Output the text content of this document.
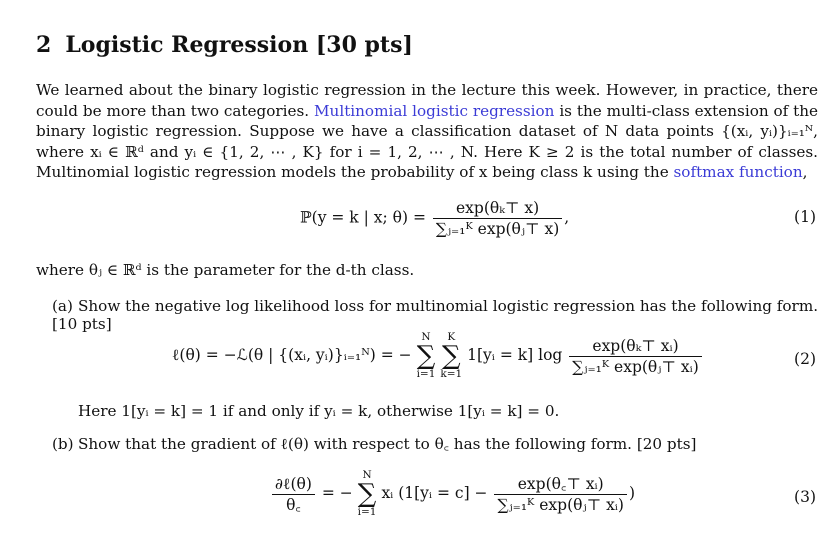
2 Logistic Regression [30 pts]
We learned about the binary logistic regression in the lecture this week. However, in practice, there could be more than two categories. Multinomial logistic regression is the multi-class extension of the binary logistic regression. Suppose we have a classification dataset of N data points {(xᵢ, yᵢ)}ᵢ₌₁ᴺ, where xᵢ ∈ ℝᵈ and yᵢ ∈ {1, 2, ⋯ , K} for i = 1, 2, ⋯ , N. Here K ≥ 2 is the total number of classes. Multinomial logistic regression models the probability of x being class k using the softmax function,
ℙ(y = k | x; $\theta) = \frac{\text{exp(θₖ⊤ x)}}{\text{∑ⱼ₌₁ᴷ exp(θⱼ⊤ x)}}$ ,	(1)
where θⱼ ∈ ℝᵈ is the parameter for the d-th class.
(a) Show the negative log likelihood loss for multinomial logistic regression has the following form. [10 pts]
ℓ(θ) = −ℒ(θ | {(xᵢ, yᵢ)}ᵢ₌₁ᴺ) = −
N
∑
i=1

K
∑
k=1
1[yᵢ = k] $\log \frac{\text{exp(θₖ⊤ xᵢ)}}{\text{∑ⱼ₌₁ᴷ exp(θⱼ⊤ xᵢ)}}$	(2)
Here 1[yᵢ = k] = 1 if and only if yᵢ = k, otherwise 1[yᵢ = k] = 0.
(b) Show that the gradient of ℓ(θ) with respect to θ꜀ has the following form. [20 pts]
$\frac{\text{∂ℓ(θ)}}{\theta꜀}$ = −
N
∑
i=1
xᵢ (1[yᵢ = $c] - \frac{\text{exp(θ꜀⊤ xᵢ)}}{\text{∑ⱼ₌₁ᴷ exp(θⱼ⊤ xᵢ)}}$ )	(3)
